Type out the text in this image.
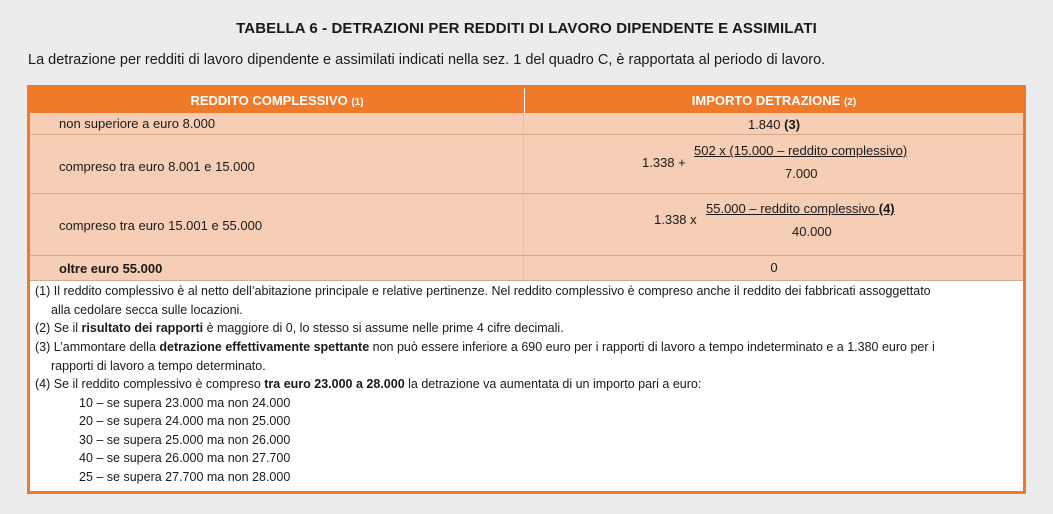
TABELLA 6 - DETRAZIONI PER REDDITI DI LAVORO DIPENDENTE E ASSIMILATI
La detrazione per redditi di lavoro dipendente e assimilati indicati nella sez. 1 del quadro C, è rapportata al periodo di lavoro.
REDDITO COMPLESSIVO (1)	IMPORTO DETRAZIONE (2)
non superiore a euro 8.000	1.840 (3)
compreso tra euro 8.001 e 15.000	1.338 +
502 x (15.000 – reddito complessivo)
7.000
compreso tra euro 15.001 e 55.000	1.338 x
55.000 – reddito complessivo (4)
40.000
oltre euro 55.000	0
(1) Il reddito complessivo è al netto dell’abitazione principale e relative pertinenze. Nel reddito complessivo è compreso anche il reddito dei fabbricati assoggettato
alla cedolare secca sulle locazioni.
(2) Se il risultato dei rapporti è maggiore di 0, lo stesso si assume nelle prime 4 cifre decimali.
(3) L’ammontare della detrazione effettivamente spettante non può essere inferiore a 690 euro per i rapporti di lavoro a tempo indeterminato e a 1.380 euro per i
rapporti di lavoro a tempo determinato.
(4) Se il reddito complessivo è compreso tra euro 23.000 a 28.000 la detrazione va aumentata di un importo pari a euro:
10 – se supera 23.000 ma non 24.000
20 – se supera 24.000 ma non 25.000
30 – se supera 25.000 ma non 26.000
40 – se supera 26.000 ma non 27.700
25 – se supera 27.700 ma non 28.000
